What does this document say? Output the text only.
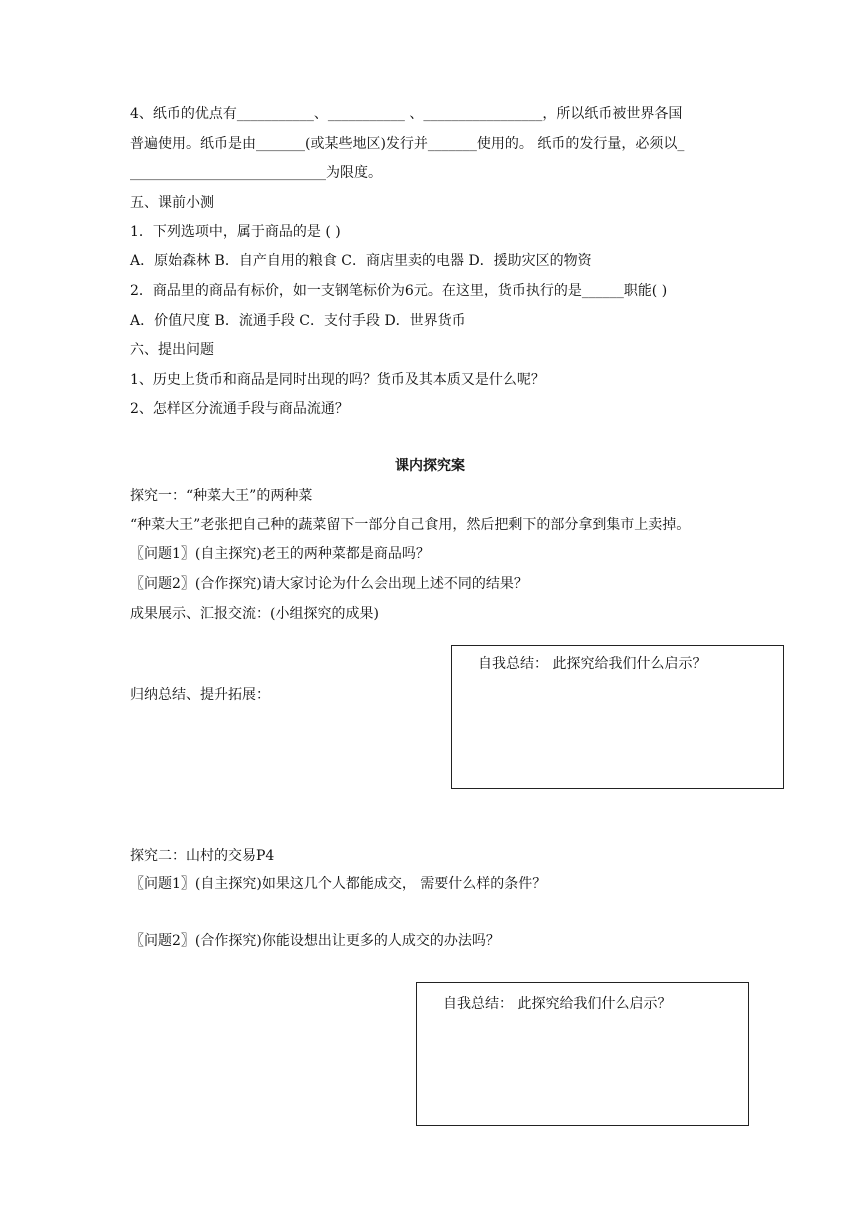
4、纸币的优点有___________、___________ 、_________________，所以纸币被世界各国
普遍使用。纸币是由_______(或某些地区)发行并_______使用的。 纸币的发行量，必须以_
____________________________为限度。
五、课前小测
1．下列选项中，属于商品的是 ( )
A．原始森林 B．自产自用的粮食 C．商店里卖的电器 D．援助灾区的物资
2．商品里的商品有标价，如一支钢笔标价为6元。在这里，货币执行的是______职能( )
A．价值尺度 B．流通手段 C．支付手段 D．世界货币
六、提出问题
1、历史上货币和商品是同时出现的吗？货币及其本质又是什么呢？
2、怎样区分流通手段与商品流通？
课内探究案
探究一：“种菜大王”的两种菜
“种菜大王”老张把自己种的蔬菜留下一部分自己食用，然后把剩下的部分拿到集市上卖掉。
〖问题1〗(自主探究)老王的两种菜都是商品吗？
〖问题2〗(合作探究)请大家讨论为什么会出现上述不同的结果？
成果展示、汇报交流：(小组探究的成果)
归纳总结、提升拓展：
自我总结： 此探究给我们什么启示？
探究二：山村的交易P4
〖问题1〗(自主探究)如果这几个人都能成交， 需要什么样的条件？
〖问题2〗(合作探究)你能设想出让更多的人成交的办法吗？
自我总结： 此探究给我们什么启示？
